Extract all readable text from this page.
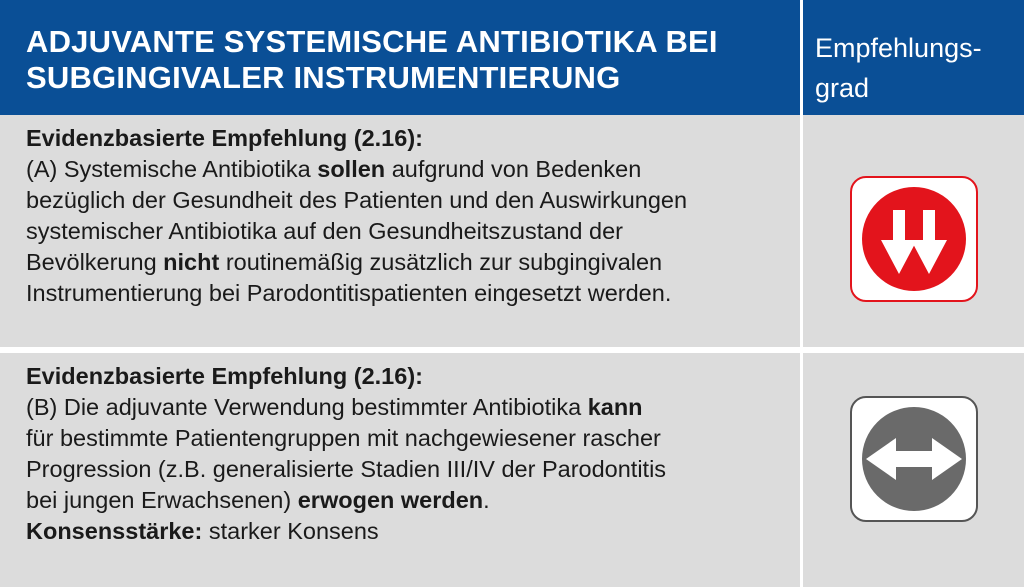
ADJUVANTE SYSTEMISCHE ANTIBIOTIKA BEI
SUBGINGIVALER INSTRUMENTIERUNG
Empfehlungs-
grad
Evidenzbasierte Empfehlung (2.16):
(A) Systemische Antibiotika sollen aufgrund von Bedenken
bezüglich der Gesundheit des Patienten und den Auswirkungen
systemischer Antibiotika auf den Gesundheitszustand der
Bevölkerung nicht routinemäßig zusätzlich zur subgingivalen
Instrumentierung bei Parodontitispatienten eingesetzt werden.
Evidenzbasierte Empfehlung (2.16):
(B) Die adjuvante Verwendung bestimmter Antibiotika kann
für bestimmte Patientengruppen mit nachgewiesener rascher
Progression (z.B. generalisierte Stadien III/IV der Parodontitis
bei jungen Erwachsenen) erwogen werden.
Konsensstärke: starker Konsens
